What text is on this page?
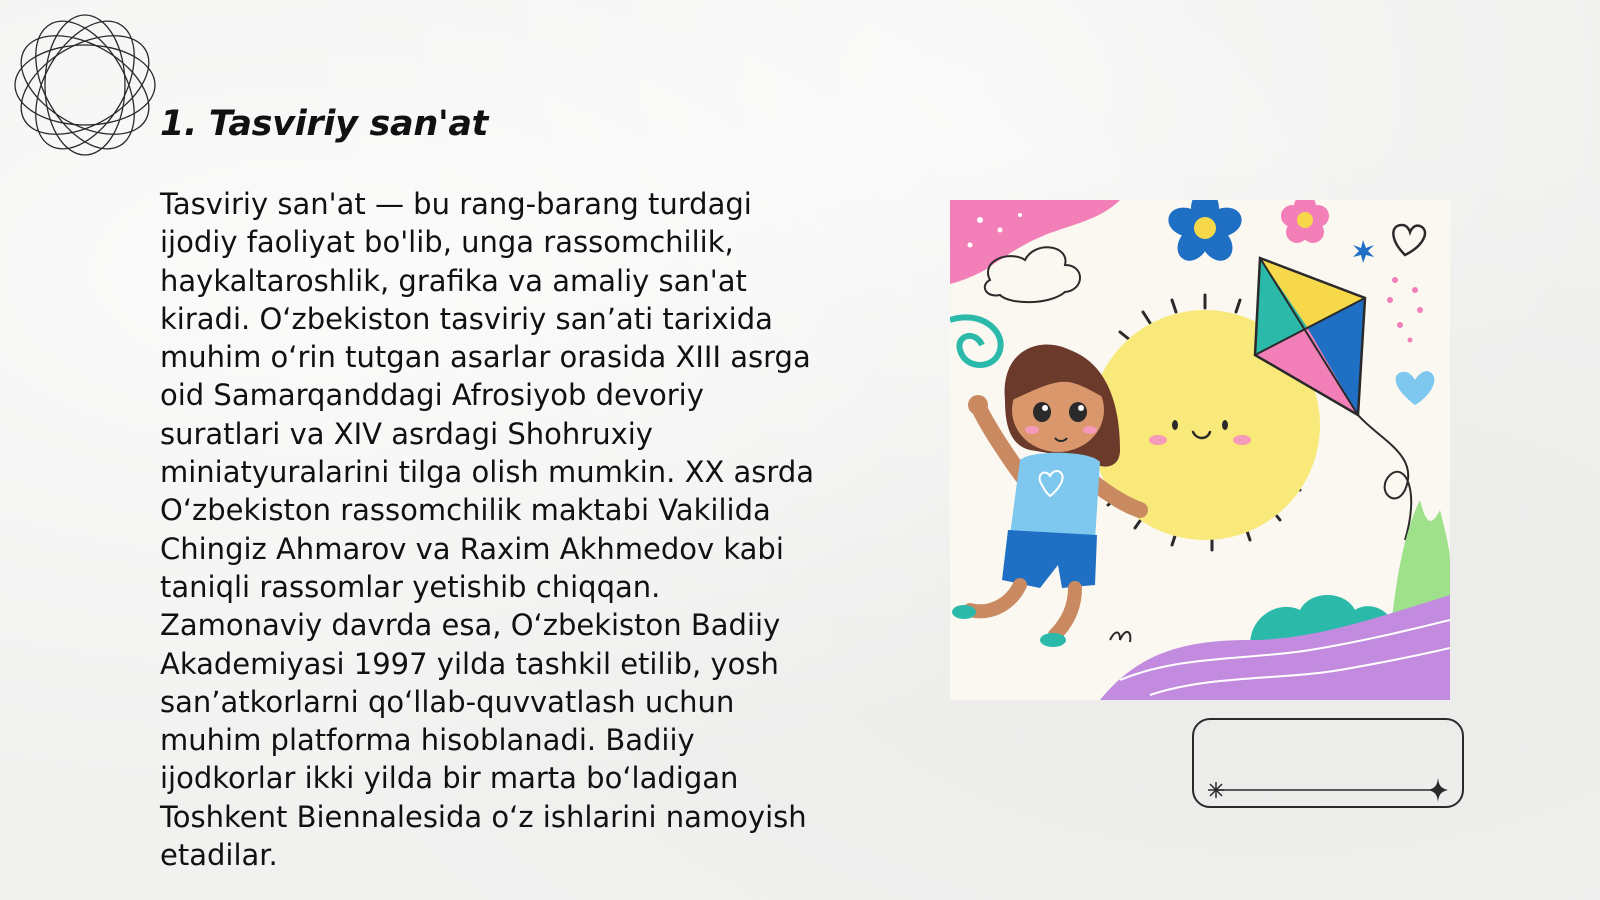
1. Tasviriy san'at

Tasviriy san'at — bu rang-barang turdagi
ijodiy faoliyat bo'lib, unga rassomchilik,
haykaltaroshlik, grafika va amaliy san'at
kiradi. O‘zbekiston tasviriy san’ati tarixida
muhim o‘rin tutgan asarlar orasida XIII asrga
oid Samarqanddagi Afrosiyob devoriy
suratlari va XIV asrdagi Shohruxiy
miniatyuralarini tilga olish mumkin. XX asrda
O‘zbekiston rassomchilik maktabi Vakilida
Chingiz Ahmarov va Raxim Akhmedov kabi
taniqli rassomlar yetishib chiqqan.
Zamonaviy davrda esa, O‘zbekiston Badiiy
Akademiyasi 1997 yilda tashkil etilib, yosh
san’atkorlarni qo‘llab-quvvatlash uchun
muhim platforma hisoblanadi. Badiiy
ijodkorlar ikki yilda bir marta bo‘ladigan
Toshkent Biennalesida o‘z ishlarini namoyish
etadilar.
